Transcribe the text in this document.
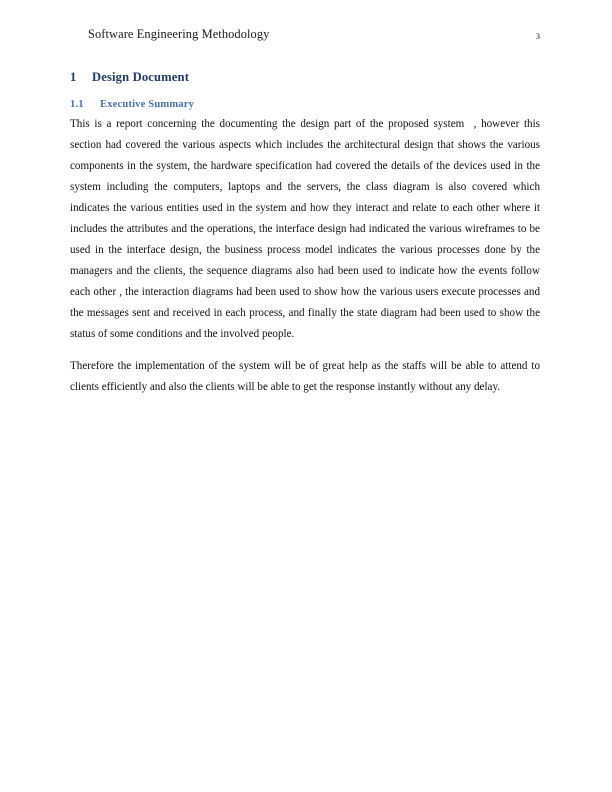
Software Engineering Methodology	3
1 Design Document
1.1 Executive Summary

This is a report concerning the documenting the design part of the proposed system  , however this section had covered the various aspects which includes the architectural design that shows the various components in the system, the hardware specification had covered the details of the devices used in the system including the computers, laptops and the servers, the class diagram is also covered which indicates the various entities used in the system and how they interact and relate to each other where it includes the attributes and the operations, the interface design had indicated the various wireframes to be used in the interface design, the business process model indicates the various processes done by the managers and the clients, the sequence diagrams also had been used to indicate how the events follow each other , the interaction diagrams had been used to show how the various users execute processes and the messages sent and received in each process, and finally the state diagram had been used to show the status of some conditions and the involved people.

Therefore the implementation of the system will be of great help as the staffs will be able to attend to clients efficiently and also the clients will be able to get the response instantly without any delay.
